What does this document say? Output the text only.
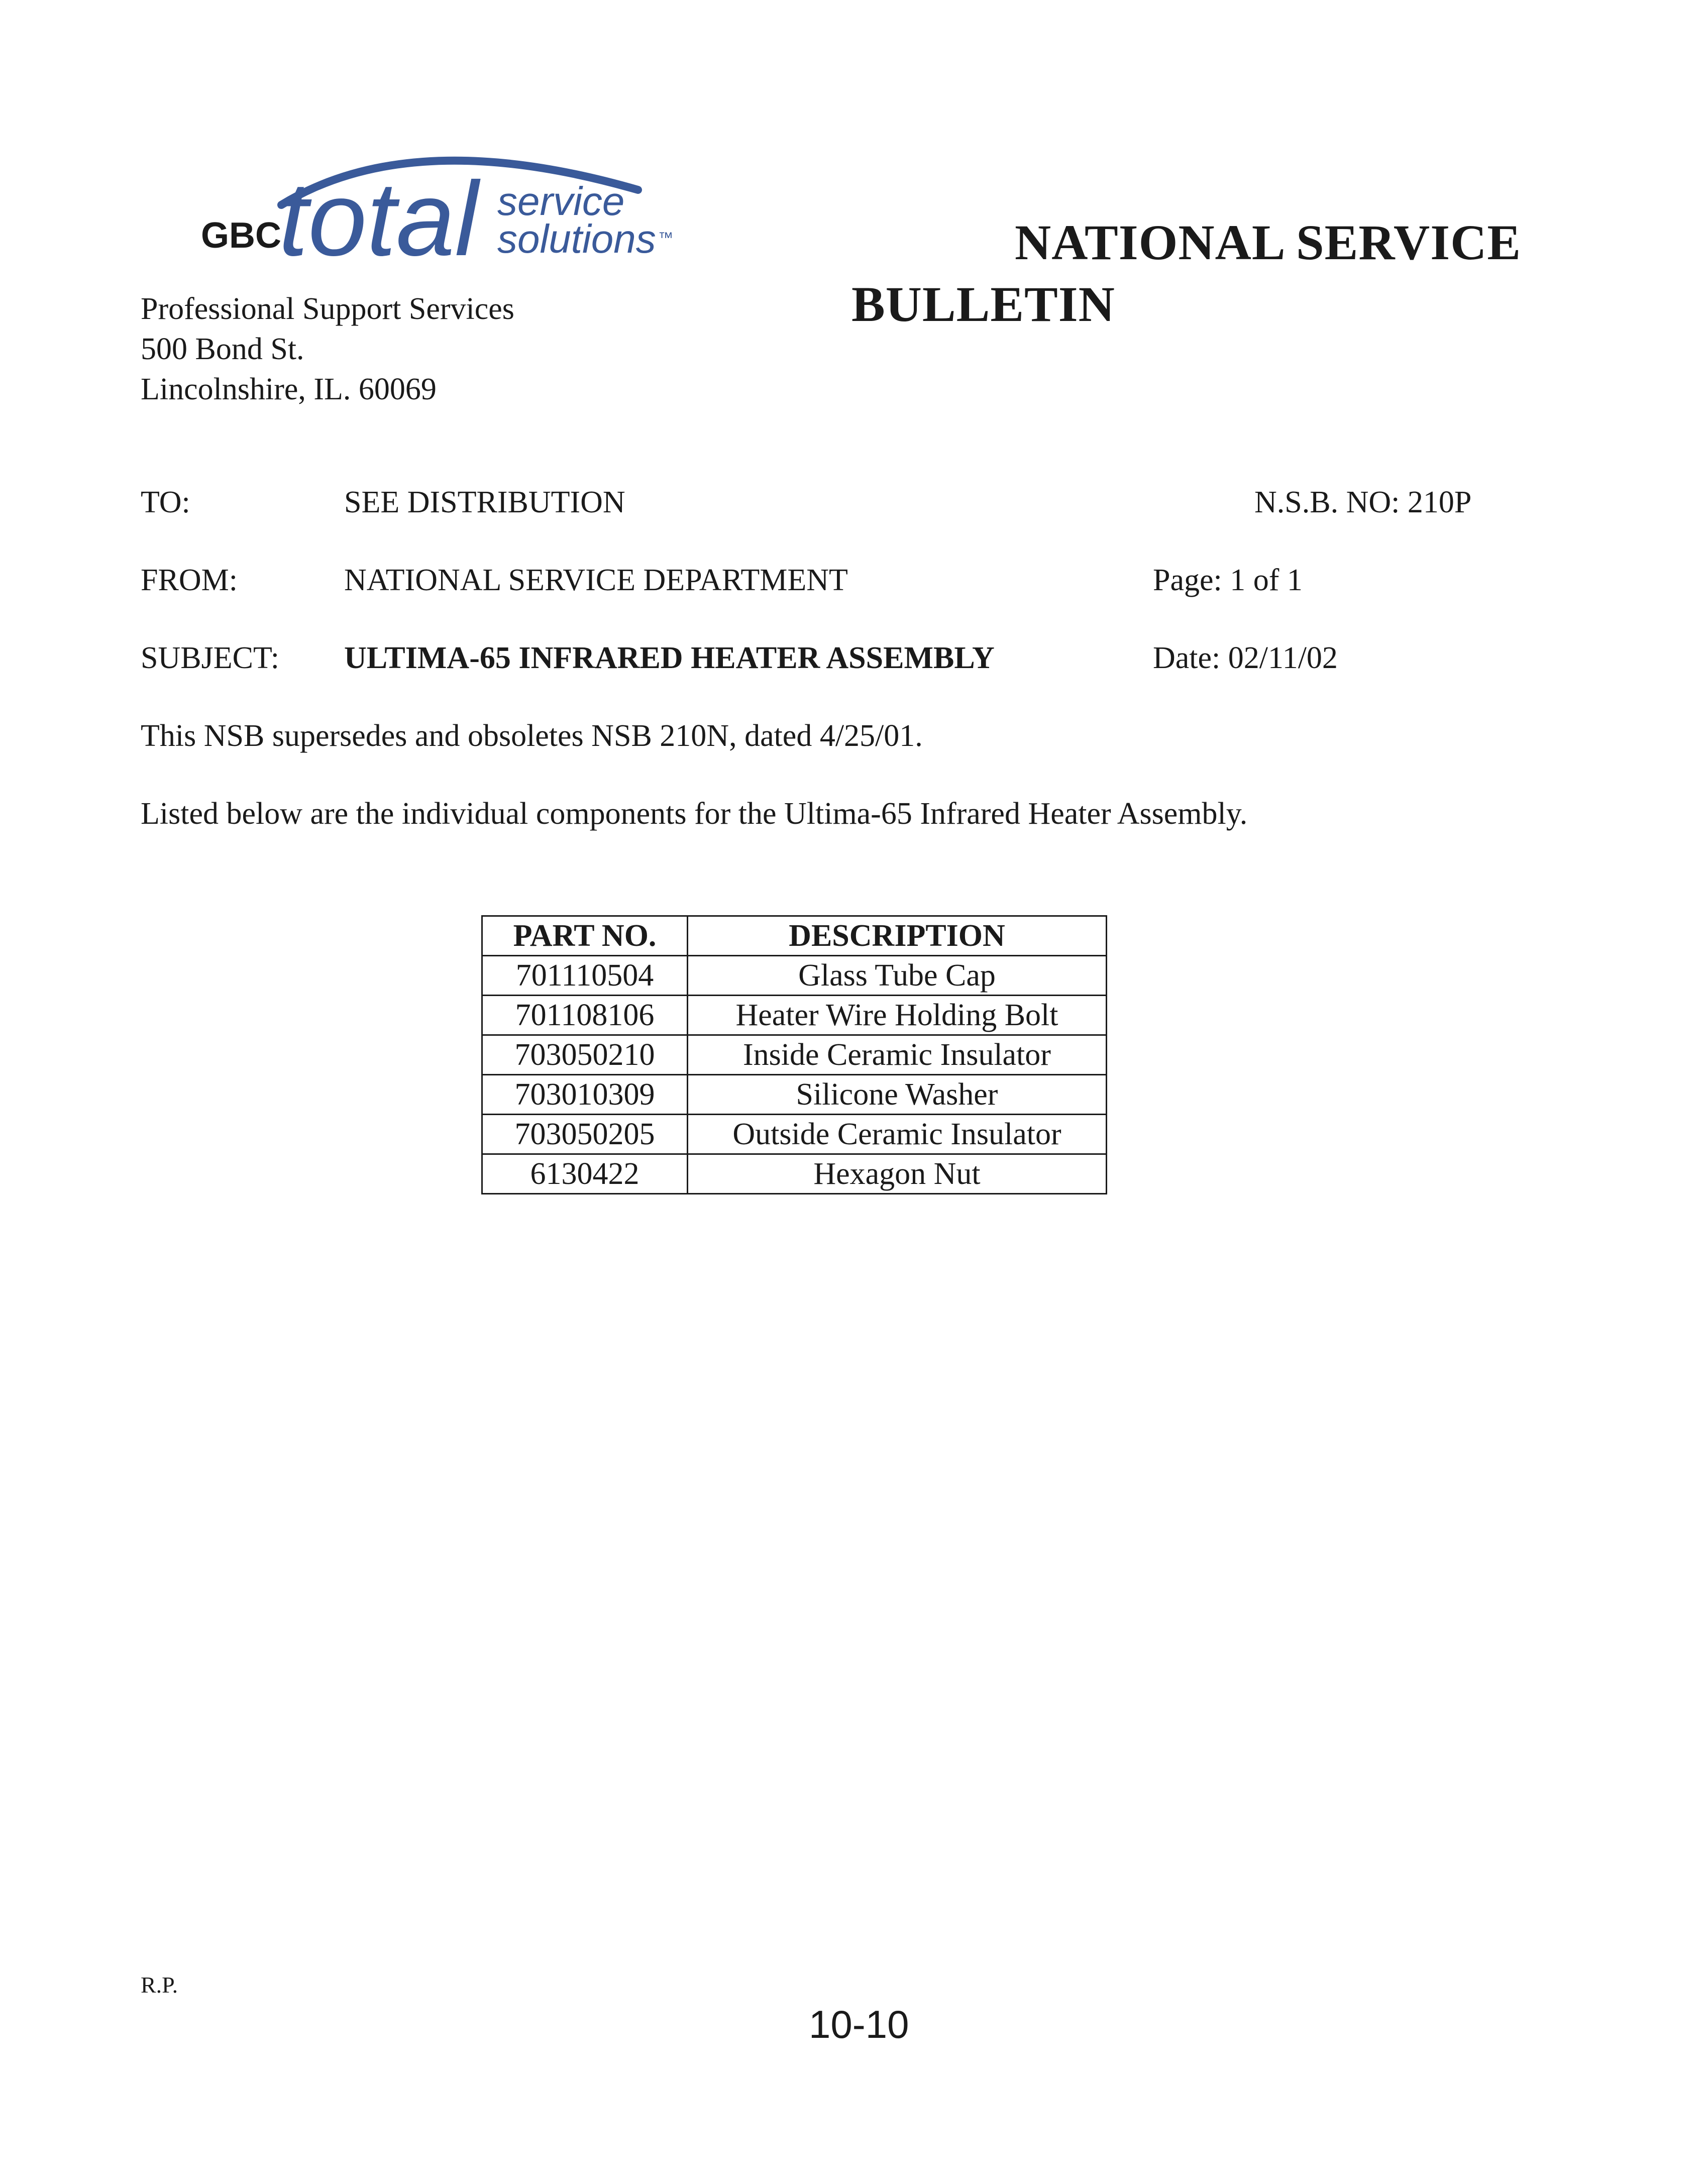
GBC
total service
solutions ™
Professional Support Services
500 Bond St.
Lincolnshire, IL. 60069
NATIONAL SERVICE
BULLETIN
TO:	SEE DISTRIBUTION	N.S.B. NO: 210P
FROM:	NATIONAL SERVICE DEPARTMENT	Page: 1 of 1
SUBJECT: ULTIMA-65 INFRARED HEATER ASSEMBLY	Date: 02/11/02
This NSB supersedes and obsoletes NSB 210N, dated 4/25/01.
Listed below are the individual components for the Ultima-65 Infrared Heater Assembly.
PART NO.	DESCRIPTION
701110504	Glass Tube Cap
701108106	Heater Wire Holding Bolt
703050210	Inside Ceramic Insulator
703010309	Silicone Washer
703050205	Outside Ceramic Insulator
6130422	Hexagon Nut
R.P.
10-10
